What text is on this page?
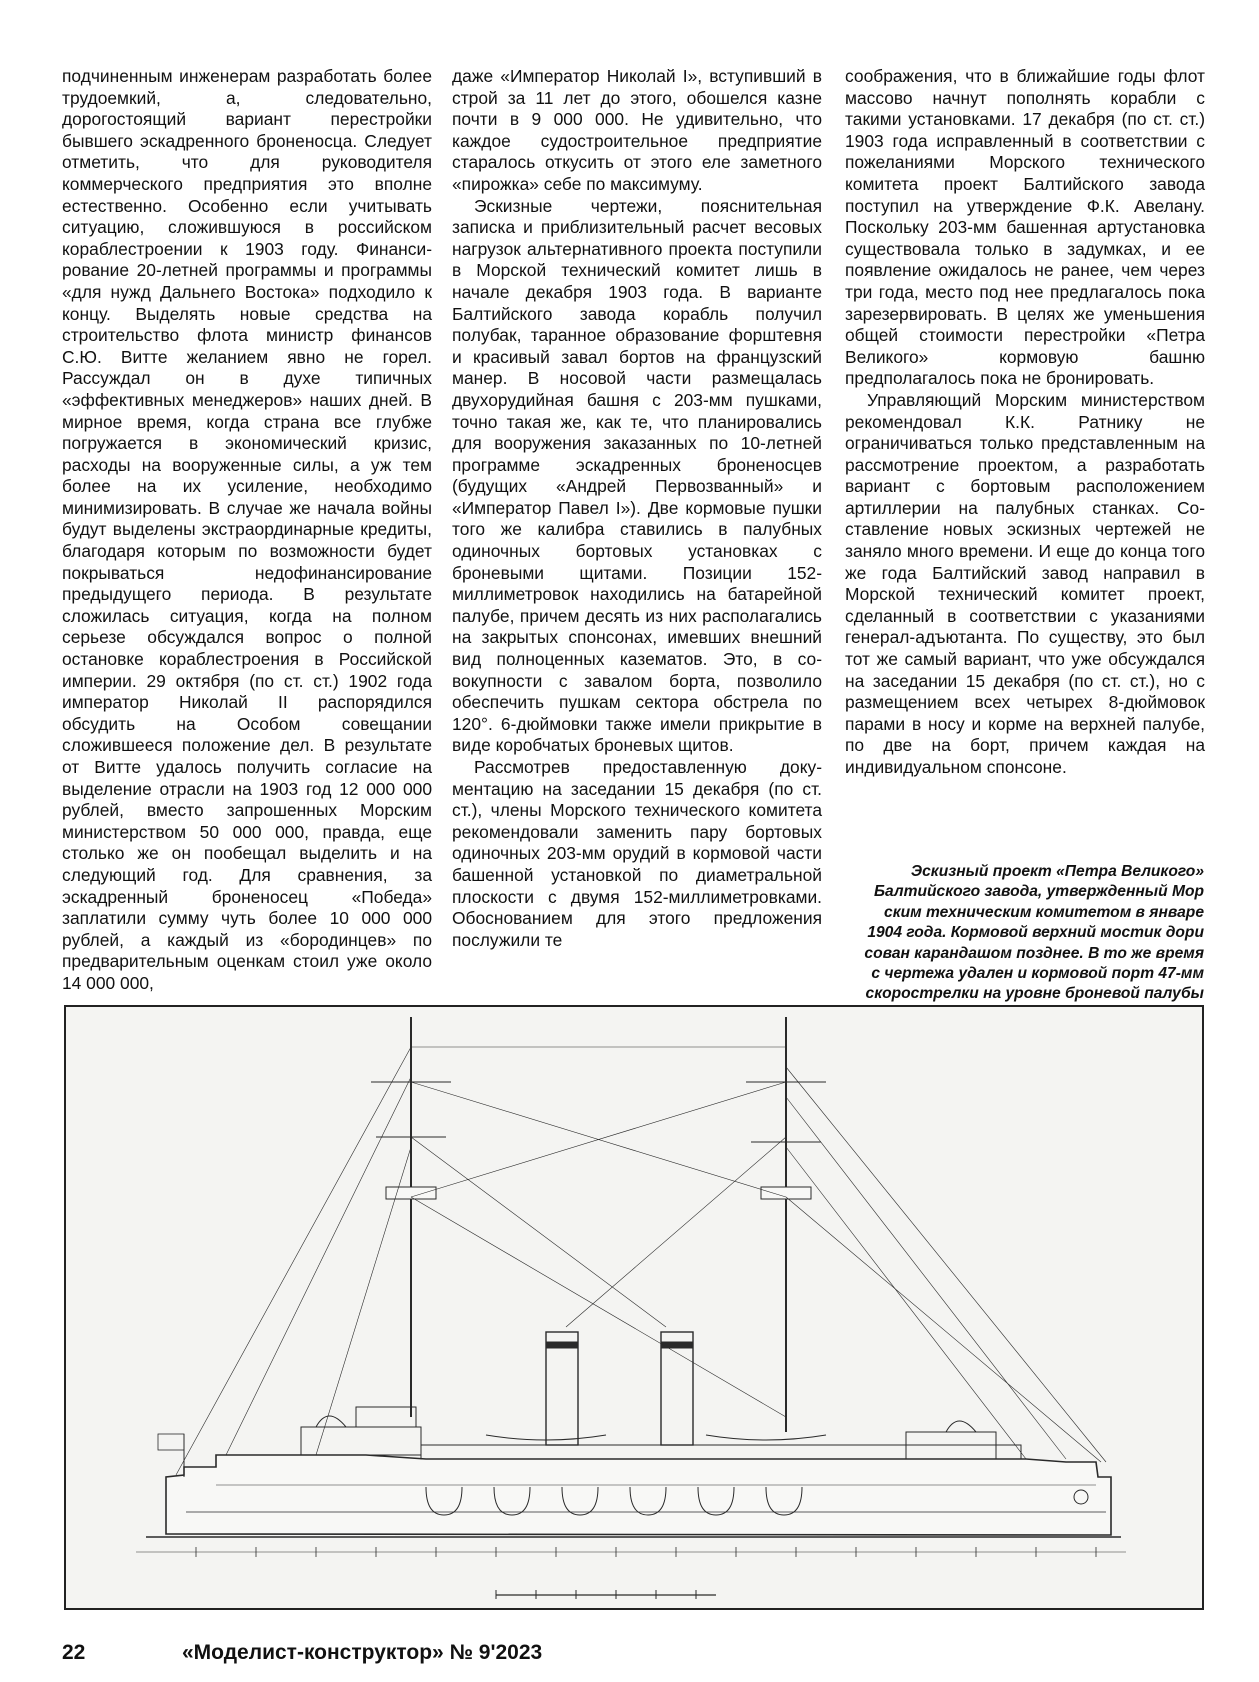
подчиненным инженерам разработать более трудоемкий, а, следовательно, дорогостоящий вариант перестройки бывшего эскадренного броненосца. Следует отметить, что для руководителя коммерческого предприятия это вполне естественно. Особенно если учитывать ситуацию, сложившуюся в российском кораблестроении к 1903 году. Финансирование 20-летней программы и программы «для нужд Дальнего Востока» подходило к концу. Выделять новые средства на строительство флота министр финансов С.Ю. Витте желанием явно не горел. Рассуждал он в духе типичных «эффективных менеджеров» наших дней. В мирное время, когда страна все глубже погружается в экономический кризис, расходы на вооруженные силы, а уж тем более на их усиление, необходимо минимизировать. В случае же начала войны будут выделены экстраординарные кредиты, благодаря которым по возможности будет покрываться недофинансирование предыдущего периода. В результате сложилась ситуация, когда на полном серьезе обсуждался вопрос о полной остановке кораблестроения в Российской империи. 29 октября (по ст. ст.) 1902 года император Николай II распорядился обсудить на Особом совещании сложившееся положение дел. В результате от Витте удалось получить согласие на выделение отрасли на 1903 год 12 000 000 рублей, вместо запрошенных Морским министерством 50 000 000, правда, еще столько же он пообещал выделить и на следующий год. Для сравнения, за эскадренный броненосец «Победа» заплатили сумму чуть более 10 000 000 рублей, а каждый из «бородинцев» по предварительным оценкам стоил уже около 14 000 000,

даже «Император Николай I», вступивший в строй за 11 лет до этого, обошелся казне почти в 9 000 000. Не удивительно, что каждое судостроительное предприятие старалось откусить от этого еле заметного «пирожка» себе по максимуму.

Эскизные чертежи, пояснительная записка и приблизительный расчет весовых нагрузок альтернативного проекта поступили в Морской технический комитет лишь в начале декабря 1903 года. В варианте Балтийского завода корабль получил полубак, таранное образование форштевня и красивый завал бортов на французский манер. В носовой части размещалась двухорудийная башня с 203-мм пушками, точно такая же, как те, что планировались для вооружения заказанных по 10-летней программе эскадренных броненосцев (будущих «Андрей Первозванный» и «Император Павел I»). Две кормовые пушки того же калибра ставились в палубных одиночных бортовых установках с броневыми щитами. Позиции 152-миллиметровок находились на батарейной палубе, причем десять из них располагались на закрытых спонсонах, имевших внешний вид полноценных казематов. Это, в совокупности с завалом борта, позволило обеспечить пушкам сектора обстрела по 120°. 6-дюймовки также имели прикрытие в виде коробчатых броневых щитов.

Рассмотрев предоставленную документацию на заседании 15 декабря (по ст. ст.), члены Морского технического комитета рекомендовали заменить пару бортовых одиночных 203-мм орудий в кормовой части башенной установкой по диаметральной плоскости с двумя 152-миллиметровками. Обоснованием для этого предложения послужили те

соображения, что в ближайшие годы флот массово начнут пополнять корабли с такими установками. 17 декабря (по ст. ст.) 1903 года исправленный в соответствии с пожеланиями Морского технического комитета проект Балтийского завода поступил на утверждение Ф.К. Авелану. Поскольку 203-мм башенная артустановка существовала только в задумках, и ее появление ожидалось не ранее, чем через три года, место под нее предлагалось пока зарезервировать. В целях же уменьшения общей стоимости перестройки «Петра Великого» кормовую башню предполагалось пока не бронировать.

Управляющий Морским министерством рекомендовал К.К. Ратнику не ограничиваться только представленным на рассмотрение проектом, а разработать вариант с бортовым расположением артиллерии на палубных станках. Составление новых эскизных чертежей не заняло много времени. И еще до конца того же года Балтийский завод направил в Морской технический комитет проект, сделанный в соответствии с указаниями генерал-адъютанта. По существу, это был тот же самый вариант, что уже обсуждался на заседании 15 декабря (по ст. ст.), но с размещением всех четырех 8-дюймовок парами в носу и корме на верхней палубе, по две на борт, причем каждая на индивидуальном спонсоне.

Эскизный проект «Петра Великого»
Балтийского завода, утвержденный Мор
ским техническим комитетом в январе
1904 года. Кормовой верхний мостик дори
сован карандашом позднее. В то же время
с чертежа удален и кормовой порт 47-мм
скорострелки на уровне броневой палубы
22	«Моделист-конструктор» № 9'2023
